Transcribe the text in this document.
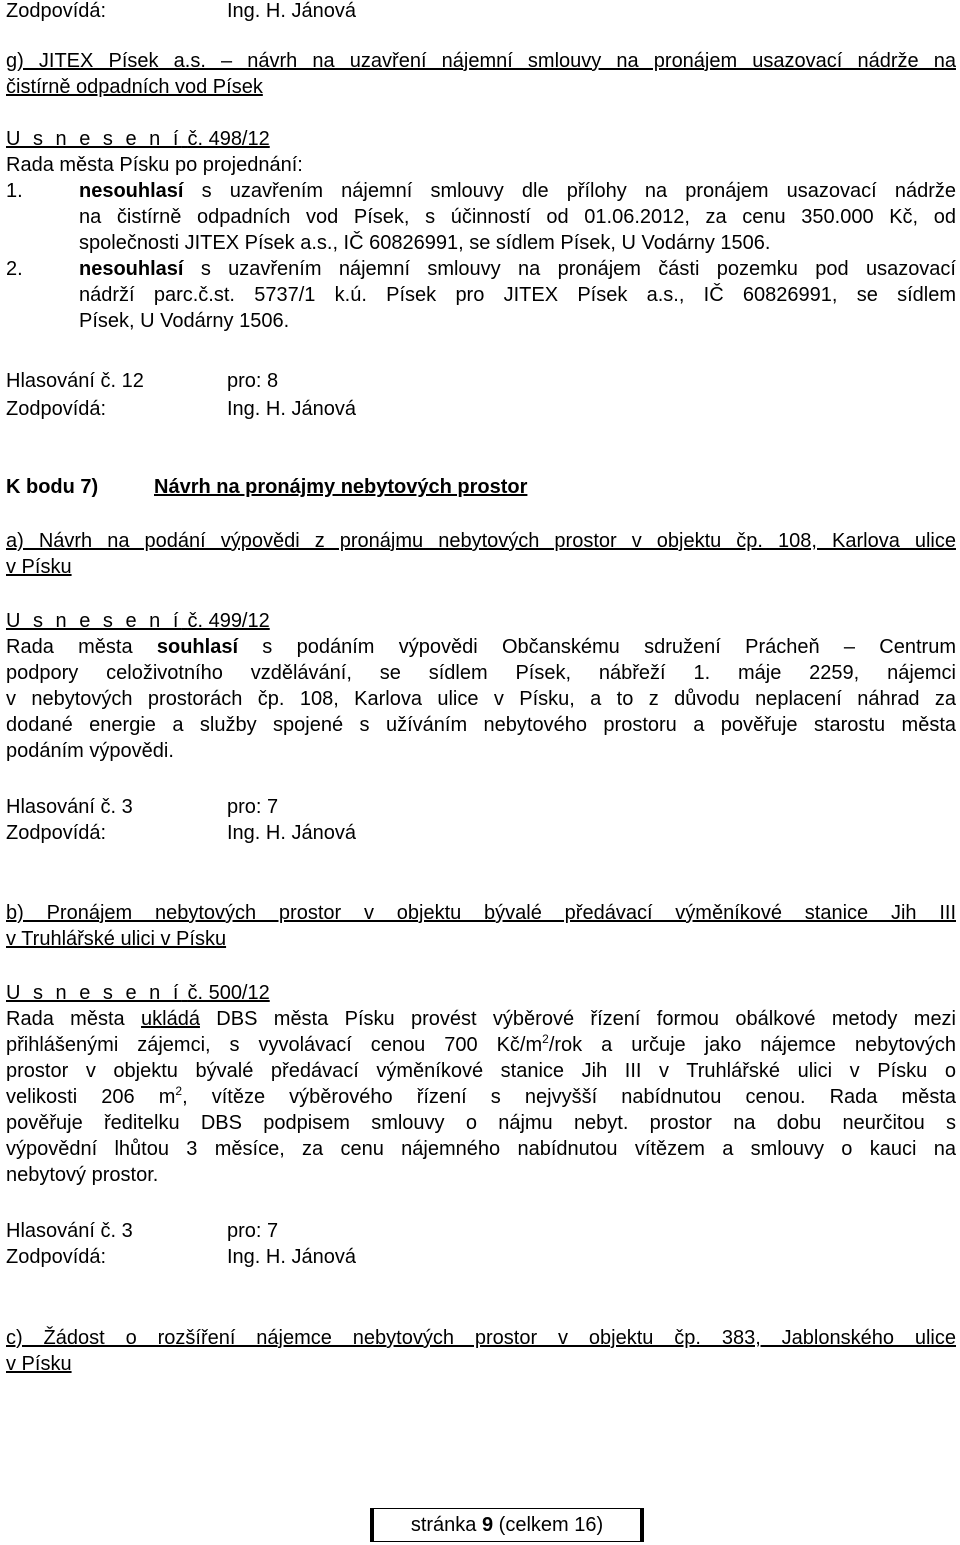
Zodpovídá:	Ing. H. Jánová
g) JITEX Písek a.s. – návrh na uzavření nájemní smlouvy na pronájem usazovací nádrže na
čistírně odpadních vod Písek
U s n e s e n í č. 498/12
Rada města Písku po projednání:
1.	nesouhlasí s uzavřením nájemní smlouvy dle přílohy na pronájem usazovací nádrže
na čistírně odpadních vod Písek, s účinností od 01.06.2012, za cenu 350.000 Kč, od
společnosti JITEX Písek a.s., IČ 60826991, se sídlem Písek, U Vodárny 1506.
2.	nesouhlasí s uzavřením nájemní smlouvy na pronájem části pozemku pod usazovací
nádrží parc.č.st. 5737/1 k.ú. Písek pro JITEX Písek a.s., IČ 60826991, se sídlem
Písek, U Vodárny 1506.
Hlasování č. 12	pro: 8
Zodpovídá:	Ing. H. Jánová
K bodu 7)	Návrh na pronájmy nebytových prostor
a) Návrh na podání výpovědi z pronájmu nebytových prostor v objektu čp. 108, Karlova ulice
v Písku
U s n e s e n í č. 499/12
Rada města souhlasí s podáním výpovědi Občanskému sdružení Prácheň – Centrum
podpory celoživotního vzdělávání, se sídlem Písek, nábřeží 1. máje 2259, nájemci
v nebytových prostorách čp. 108, Karlova ulice v Písku, a to z důvodu neplacení náhrad za
dodané energie a služby spojené s užíváním nebytového prostoru a pověřuje starostu města
podáním výpovědi.
Hlasování č. 3	pro: 7
Zodpovídá:	Ing. H. Jánová
b) Pronájem nebytových prostor v objektu bývalé předávací výměníkové stanice Jih III
v Truhlářské ulici v Písku
U s n e s e n í č. 500/12
Rada města ukládá DBS města Písku provést výběrové řízení formou obálkové metody mezi
přihlášenými zájemci, s vyvolávací cenou 700 $Kč/m^2$/rok a určuje jako nájemce nebytových
prostor v objektu bývalé předávací výměníkové stanice Jih III v Truhlářské ulici v Písku o
velikosti 206 $m^2$, vítěze výběrového řízení s nejvyšší nabídnutou cenou. Rada města
pověřuje ředitelku DBS podpisem smlouvy o nájmu nebyt. prostor na dobu neurčitou s
výpovědní lhůtou 3 měsíce, za cenu nájemného nabídnutou vítězem a smlouvy o kauci na
nebytový prostor.
Hlasování č. 3	pro: 7
Zodpovídá:	Ing. H. Jánová
c) Žádost o rozšíření nájemce nebytových prostor v objektu čp. 383, Jablonského ulice
v Písku
stránka 9 (celkem 16)
